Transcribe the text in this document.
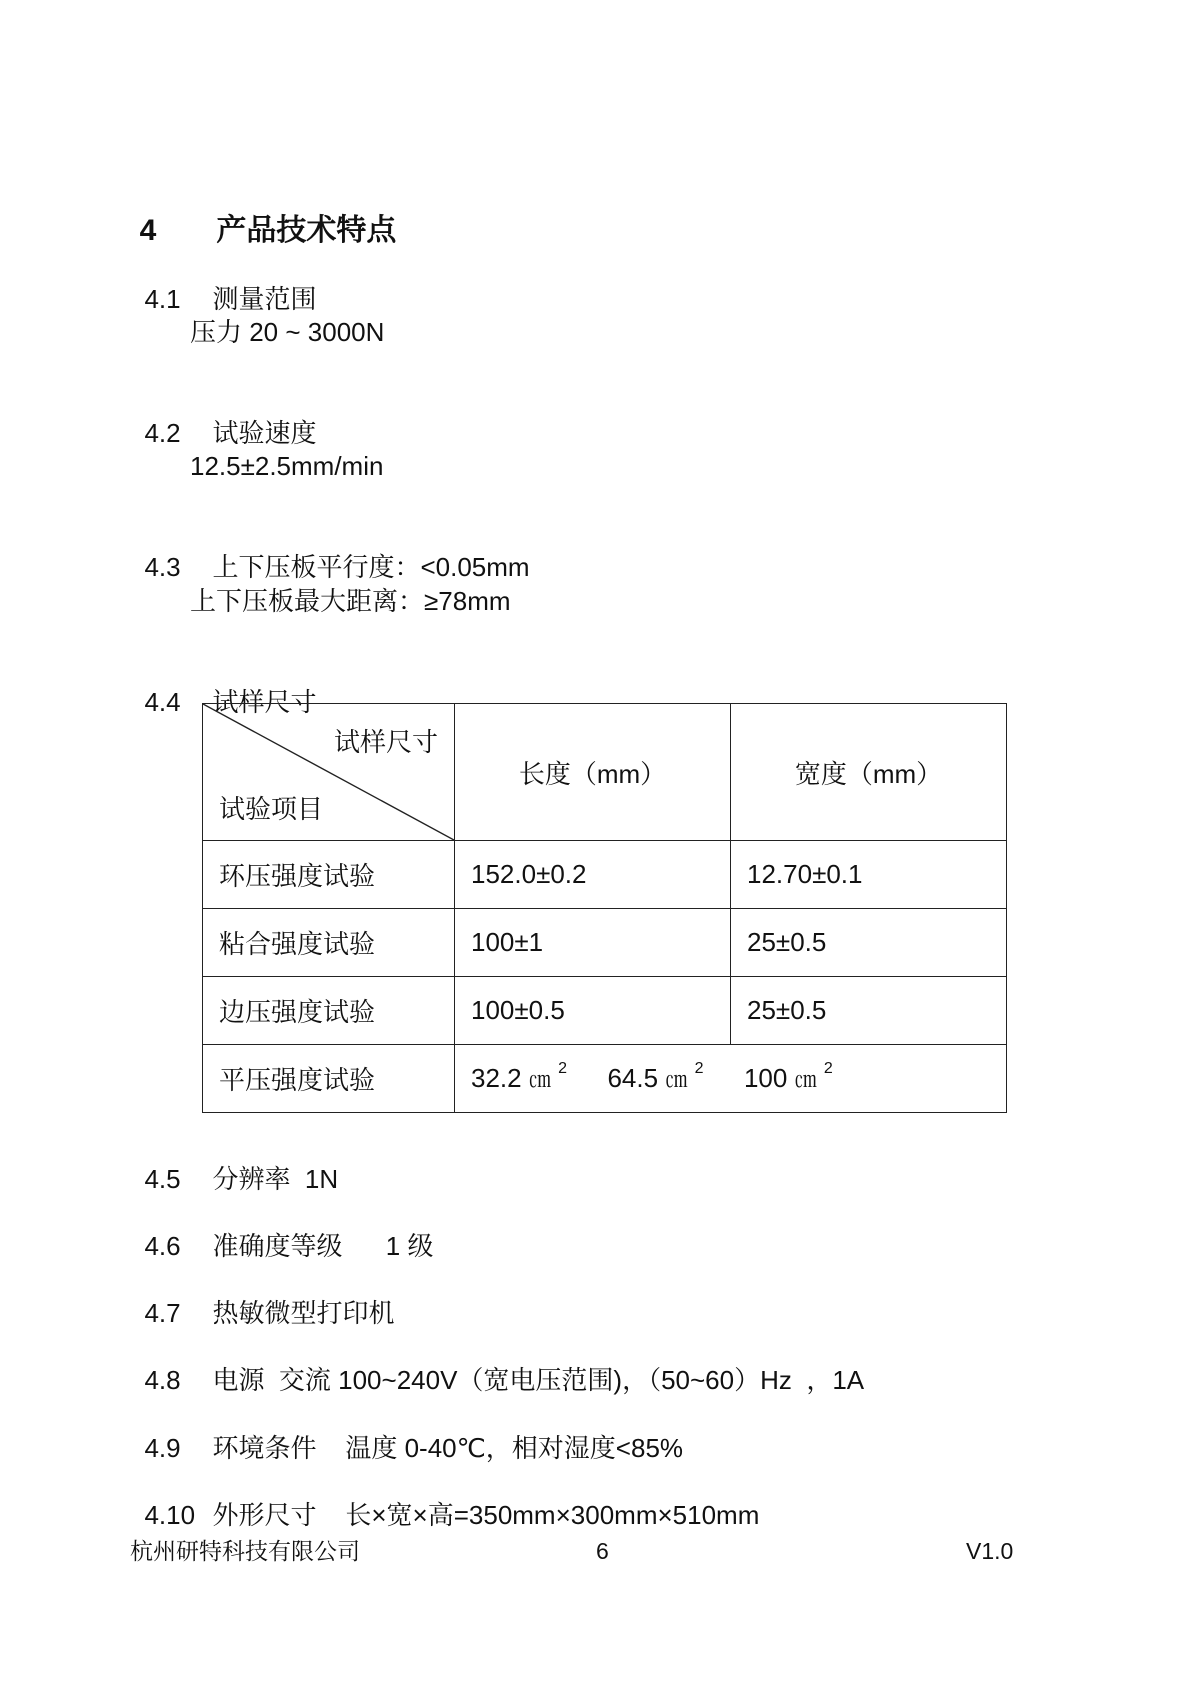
4 产品技术特点

4.1 测量范围

压力 20 ~ 3000N

4.2 试验速度

12.5±2.5mm/min

4.3 上下压板平行度：<0.05mm

上下压板最大距离：≥78mm

4.4 试样尺寸

试样尺寸
试验项目	长度（mm）	宽度（mm）
环压强度试验	152.0±0.2	12.70±0.1
粘合强度试验	100±1	25±0.5
边压强度试验	100±0.5	25±0.5
平压强度试验	32.2 ㎝ $^2$ 64.5 ㎝ $^2$ 100 ㎝ $^2$

4.5 分辨率  1N

4.6 准确度等级      1 级

4.7 热敏微型打印机

4.8 电源  交流 100~240V（宽电压范围)，（50~60）Hz  ，1A

4.9 环境条件    温度 0-40℃，相对湿度<85%

4.10 外形尺寸    长×宽×高=350mm×300mm×510mm

杭州研特科技有限公司	6	V1.0
